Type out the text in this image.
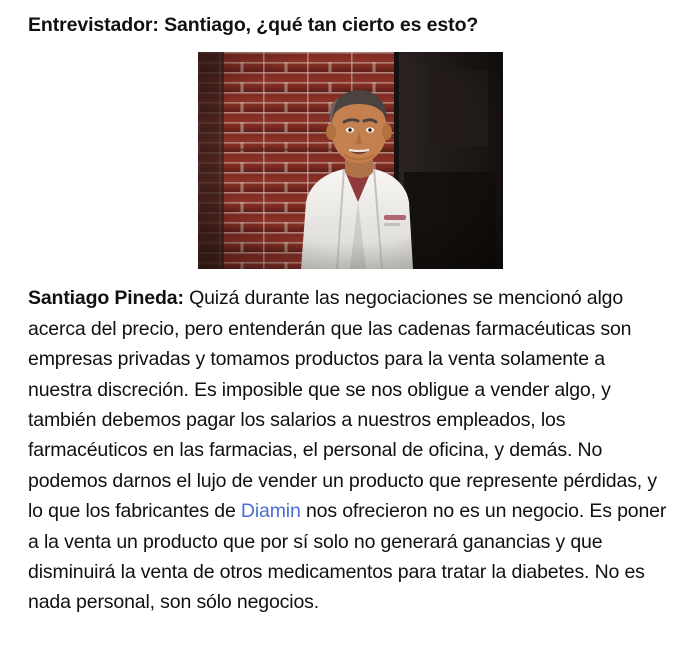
Entrevistador: Santiago, ¿qué tan cierto es esto?

Santiago Pineda: Quizá durante las negociaciones se mencionó algo acerca del precio, pero entenderán que las cadenas farmacéuticas son empresas privadas y tomamos productos para la venta solamente a nuestra discreción. Es imposible que se nos obligue a vender algo, y también debemos pagar los salarios a nuestros empleados, los farmacéuticos en las farmacias, el personal de oficina, y demás. No podemos darnos el lujo de vender un producto que represente pérdidas, y lo que los fabricantes de Diamin nos ofrecieron no es un negocio. Es poner a la venta un producto que por sí solo no generará ganancias y que disminuirá la venta de otros medicamentos para tratar la diabetes. No es nada personal, son sólo negocios.
